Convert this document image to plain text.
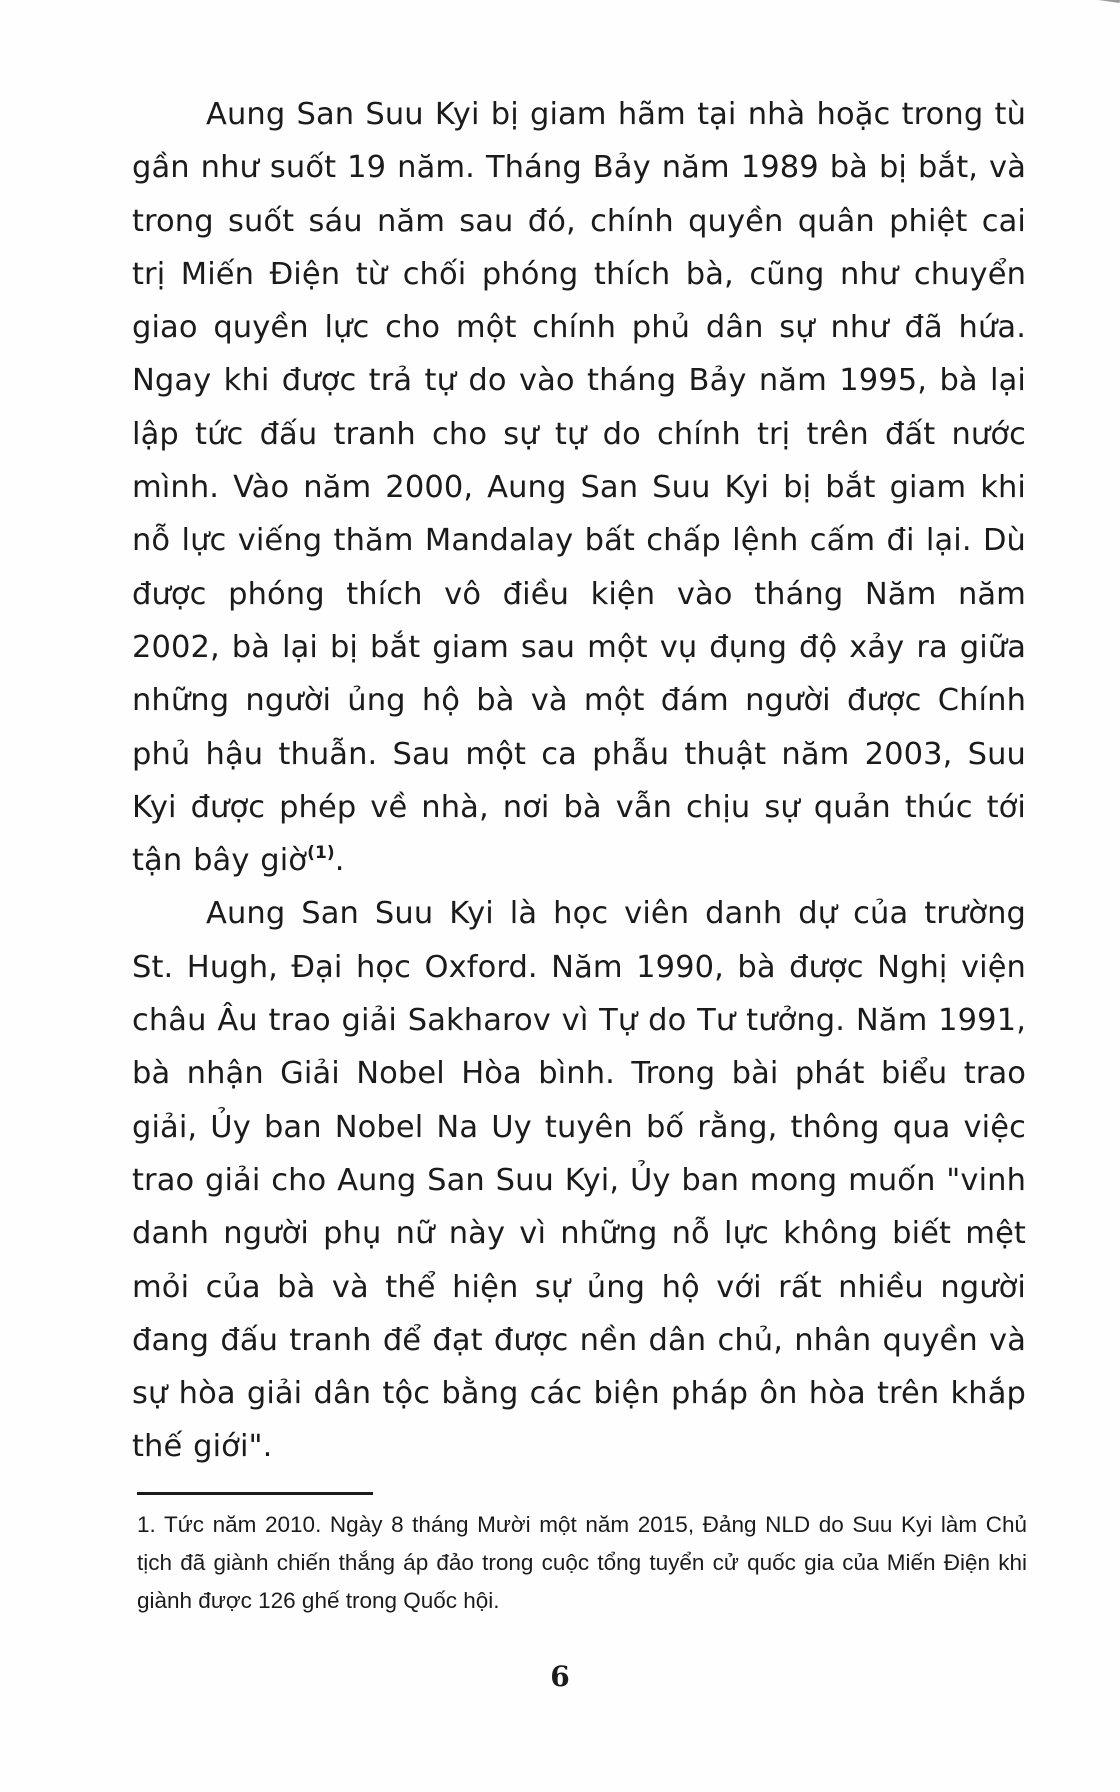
Aung San Suu Kyi bị giam hãm tại nhà hoặc trong tù gần như suốt 19 năm. Tháng Bảy năm 1989 bà bị bắt, và trong suốt sáu năm sau đó, chính quyền quân phiệt cai trị Miến Điện từ chối phóng thích bà, cũng như chuyển giao quyền lực cho một chính phủ dân sự như đã hứa. Ngay khi được trả tự do vào tháng Bảy năm 1995, bà lại lập tức đấu tranh cho sự tự do chính trị trên đất nước mình. Vào năm 2000, Aung San Suu Kyi bị bắt giam khi nỗ lực viếng thăm Mandalay bất chấp lệnh cấm đi lại. Dù được phóng thích vô điều kiện vào tháng Năm năm 2002, bà lại bị bắt giam sau một vụ đụng độ xảy ra giữa những người ủng hộ bà và một đám người được Chính phủ hậu thuẫn. Sau một ca phẫu thuật năm 2003, Suu Kyi được phép về nhà, nơi bà vẫn chịu sự quản thúc tới tận bây giờ$^{(1)}$.

Aung San Suu Kyi là học viên danh dự của trường St. Hugh, Đại học Oxford. Năm 1990, bà được Nghị viện châu Âu trao giải Sakharov vì Tự do Tư tưởng. Năm 1991, bà nhận Giải Nobel Hòa bình. Trong bài phát biểu trao giải, Ủy ban Nobel Na Uy tuyên bố rằng, thông qua việc trao giải cho Aung San Suu Kyi, Ủy ban mong muốn "vinh danh người phụ nữ này vì những nỗ lực không biết mệt mỏi của bà và thể hiện sự ủng hộ với rất nhiều người đang đấu tranh để đạt được nền dân chủ, nhân quyền và sự hòa giải dân tộc bằng các biện pháp ôn hòa trên khắp thế giới".

1. Tức năm 2010. Ngày 8 tháng Mười một năm 2015, Đảng NLD do Suu Kyi làm Chủ tịch đã giành chiến thắng áp đảo trong cuộc tổng tuyển cử quốc gia của Miến Điện khi giành được 126 ghế trong Quốc hội.

6
